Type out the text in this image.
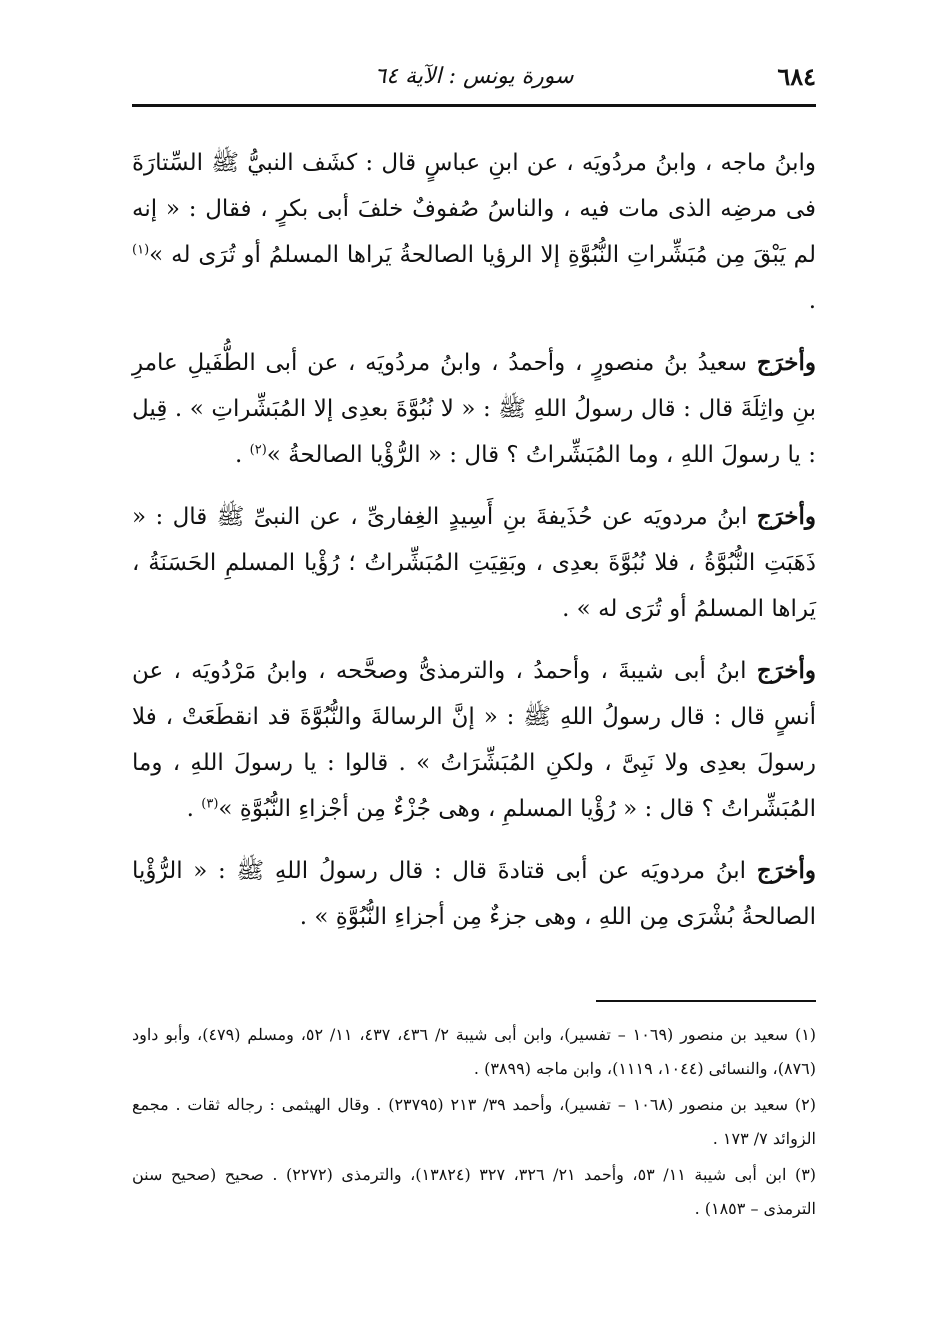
٦٨٤
سورة يونس : الآية ٦٤

وابنُ ماجه ، وابنُ مردُويَه ، عن ابنِ عباسٍ قال : كشَف النبيُّ ﷺ السِّتارَةَ فى مرضِه الذى مات فيه ، والناسُ صُفوفٌ خلفَ أبى بكرٍ ، فقال : « إنه لم يَبْقَ مِن مُبَشِّراتِ النُّبُوَّةِ إلا الرؤيا الصالحةُ يَراها المسلمُ أو تُرَى له »$^{(١)}$ .

وأخرَج سعيدُ بنُ منصورٍ ، وأحمدُ ، وابنُ مردُويَه ، عن أبى الطُّفَيلِ عامرِ بنِ واثِلَةَ قال : قال رسولُ اللهِ ﷺ : « لا نُبُوَّةَ بعدِى إلا المُبَشِّراتِ » . قِيل : يا رسولَ اللهِ ، وما المُبَشِّراتُ ؟ قال : « الرُّؤْيا الصالحةُ »$^{(٢)}$ .

وأخرَج ابنُ مردويَه عن حُذَيفةَ بنِ أَسِيدٍ الغِفارىِّ ، عن النبىِّ ﷺ قال : « ذَهَبَتِ النُّبُوَّةُ ، فلا نُبُوَّةَ بعدِى ، وبَقِيَتِ المُبَشِّراتُ ؛ رُؤْيا المسلمِ الحَسَنَةُ ، يَراها المسلمُ أو تُرَى له » .

وأخرَج ابنُ أبى شيبةَ ، وأحمدُ ، والترمذىُّ وصحَّحه ، وابنُ مَرْدُويَه ، عن أنسٍ قال : قال رسولُ اللهِ ﷺ : « إنَّ الرسالةَ والنُّبُوَّةَ قد انقطَعَتْ ، فلا رسولَ بعدِى ولا نَبِىَّ ، ولكنِ المُبَشِّرَاتُ » . قالوا : يا رسولَ اللهِ ، وما المُبَشِّراتُ ؟ قال : « رُؤْيا المسلمِ ، وهى جُزْءٌ مِن أجْزاءِ النُّبُوَّةِ »$^{(٣)}$ .

وأخرَج ابنُ مردويَه عن أبى قتادةَ قال : قال رسولُ اللهِ ﷺ : « الرُّؤْيا الصالحةُ بُشْرَى مِن اللهِ ، وهى جزءٌ مِن أجزاءِ النُّبُوَّةِ » .

(١) سعيد بن منصور (١٠٦٩ – تفسير)، وابن أبى شيبة ٢/ ٤٣٦، ٤٣٧، ١١/ ٥٢، ومسلم (٤٧٩)، وأبو داود (٨٧٦)، والنسائى (١٠٤٤، ١١١٩)، وابن ماجه (٣٨٩٩) .

(٢) سعيد بن منصور (١٠٦٨ – تفسير)، وأحمد ٣٩/ ٢١٣ (٢٣٧٩٥) . وقال الهيثمى : رجاله ثقات . مجمع الزوائد ٧/ ١٧٣ .

(٣) ابن أبى شيبة ١١/ ٥٣، وأحمد ٢١/ ٣٢٦، ٣٢٧ (١٣٨٢٤)، والترمذى (٢٢٧٢) . صحيح (صحيح سنن الترمذى – ١٨٥٣) .
